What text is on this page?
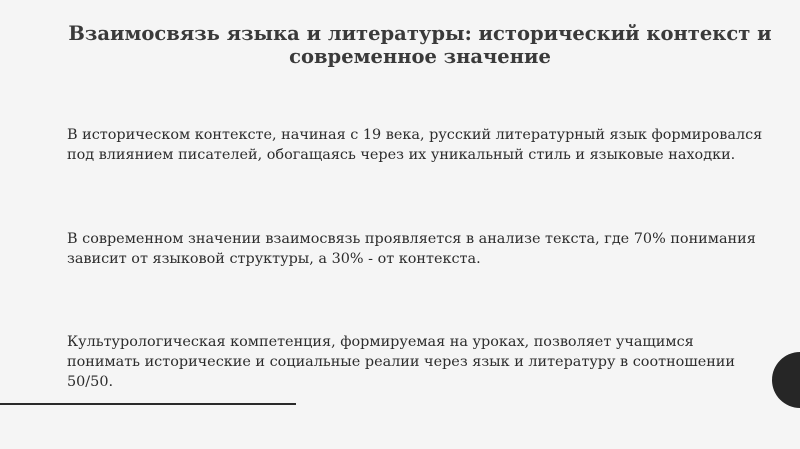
Взаимосвязь языка и литературы: исторический контекст и современное значение

В историческом контексте, начиная с 19 века, русский литературный язык формировался под влиянием писателей, обогащаясь через их уникальный стиль и языковые находки.

В современном значении взаимосвязь проявляется в анализе текста, где 70% понимания зависит от языковой структуры, а 30% - от контекста.

Культурологическая компетенция, формируемая на уроках, позволяет учащимся понимать исторические и социальные реалии через язык и литературу в соотношении 50/50.
